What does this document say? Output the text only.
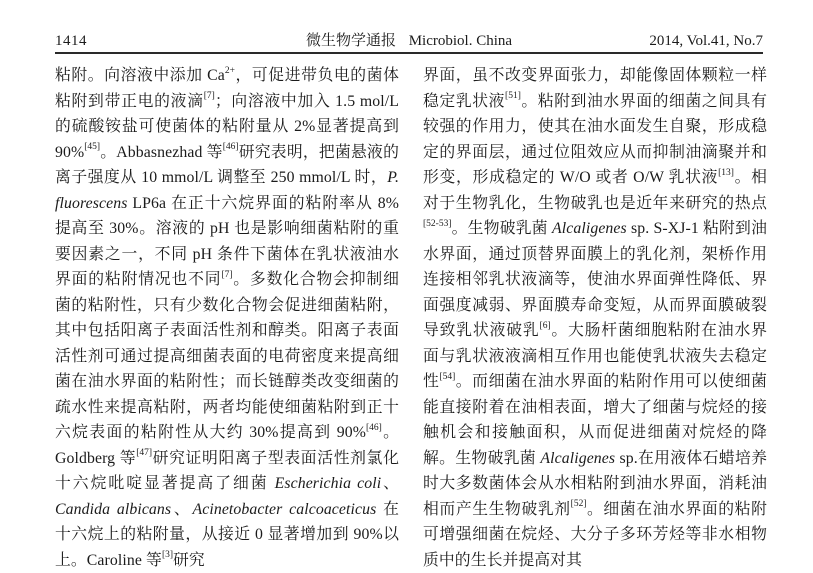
1414	微生物学通报 Microbiol. China	2014, Vol.41, No.7
粘附。向溶液中添加 Ca$^{2+}$，可促进带负电的菌体粘附到带正电的液滴[7]；向溶液中加入 1.5 mol/L 的硫酸铵盐可使菌体的粘附量从 2%显著提高到 90%[45]。Abbasnezhad 等[46]研究表明，把菌悬液的离子强度从 10 mmol/L 调整至 250 mmol/L 时，P. fluorescens LP6a 在正十六烷界面的粘附率从 8%提高至 30%。溶液的 pH 也是影响细菌粘附的重要因素之一，不同 pH 条件下菌体在乳状液油水界面的粘附情况也不同[7]。多数化合物会抑制细菌的粘附性，只有少数化合物会促进细菌粘附，其中包括阳离子表面活性剂和醇类。阳离子表面活性剂可通过提高细菌表面的电荷密度来提高细菌在油水界面的粘附性；而长链醇类改变细菌的疏水性来提高粘附，两者均能使细菌粘附到正十六烷表面的粘附性从大约 30%提高到 90%[46]。Goldberg 等[47]研究证明阳离子型表面活性剂氯化十六烷吡啶显著提高了细菌 Escherichia coli、Candida albicans、Acinetobacter calcoaceticus 在十六烷上的粘附量，从接近 0 显著增加到 90%以上。Caroline 等[3]研究
界面，虽不改变界面张力，却能像固体颗粒一样稳定乳状液[51]。粘附到油水界面的细菌之间具有较强的作用力，使其在油水面发生自聚，形成稳定的界面层，通过位阻效应从而抑制油滴聚并和形变，形成稳定的 W/O 或者 O/W 乳状液[13]。相对于生物乳化，生物破乳也是近年来研究的热点[52-53]。生物破乳菌 Alcaligenes sp. S-XJ-1 粘附到油水界面，通过顶替界面膜上的乳化剂，架桥作用连接相邻乳状液滴等，使油水界面弹性降低、界面强度减弱、界面膜寿命变短，从而界面膜破裂导致乳状液破乳[6]。大肠杆菌细胞粘附在油水界面与乳状液液滴相互作用也能使乳状液失去稳定性[54]。而细菌在油水界面的粘附作用可以使细菌能直接附着在油相表面，增大了细菌与烷烃的接触机会和接触面积，从而促进细菌对烷烃的降解。生物破乳菌 Alcaligenes sp.在用液体石蜡培养时大多数菌体会从水相粘附到油水界面，消耗油相而产生生物破乳剂[52]。细菌在油水界面的粘附可增强细菌在烷烃、大分子多环芳烃等非水相物质中的生长并提高对其
